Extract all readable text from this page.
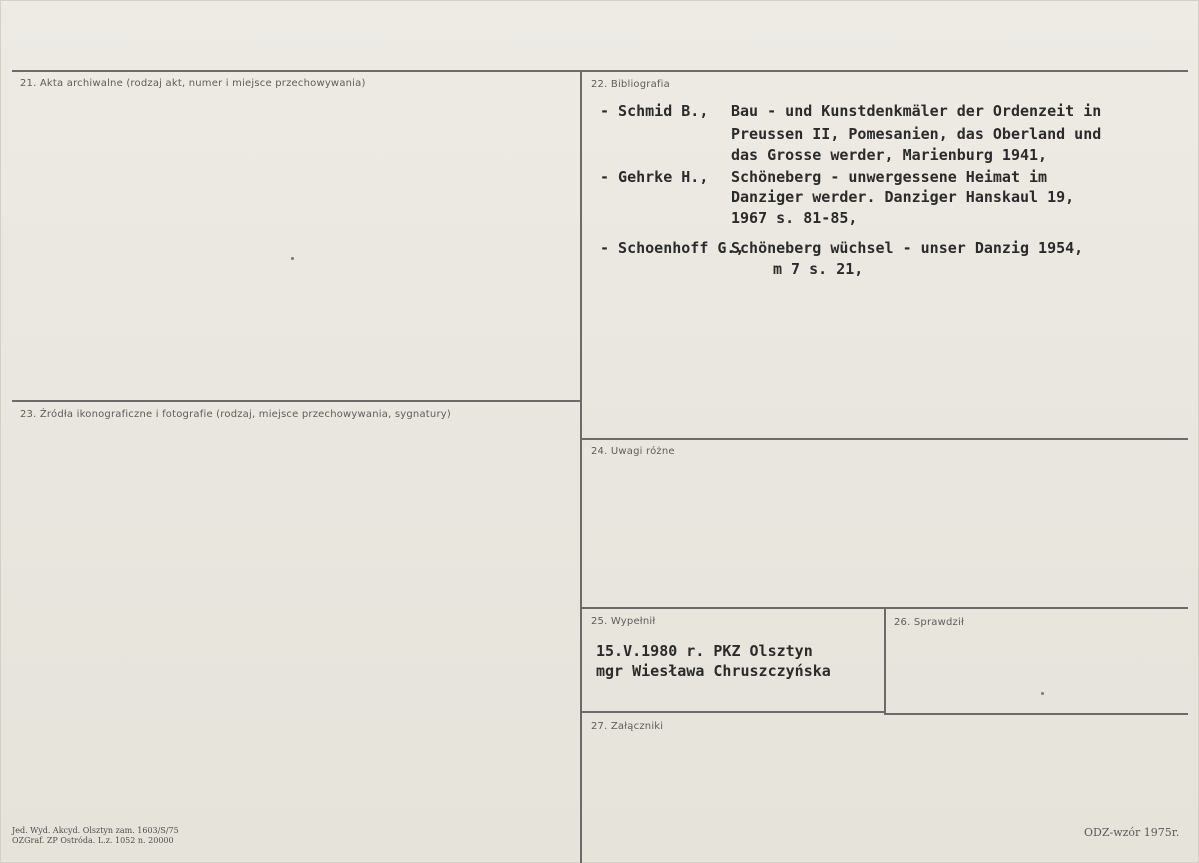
21. Akta archiwalne (rodzaj akt, numer i miejsce przechowywania)	22. Bibliografia
23. Źródła ikonograficzne i fotografie (rodzaj, miejsce przechowywania, sygnatury)
24. Uwagi różne
25. Wypełnił	26. Sprawdził
27. Załączniki
- Schmid B., Bau - und Kunstdenkmäler der Ordenzeit in
Preussen II, Pomesanien, das Oberland und
das Grosse werder, Marienburg 1941,
- Gehrke H., Schöneberg - unwergessene Heimat im
Danziger werder. Danziger Hanskaul 19,
1967 s. 81-85,
- Schoenhoff G.,
Schöneberg wüchsel - unser Danzig 1954,
m 7 s. 21,
15.V.1980 r. PKZ Olsztyn
mgr Wiesława Chruszczyńska
Jed. Wyd. Akcyd. Olsztyn zam. 1603/S/75
OZGraf. ZP Ostróda. L.z. 1052 n. 20000
ODZ-wzór 1975r.
